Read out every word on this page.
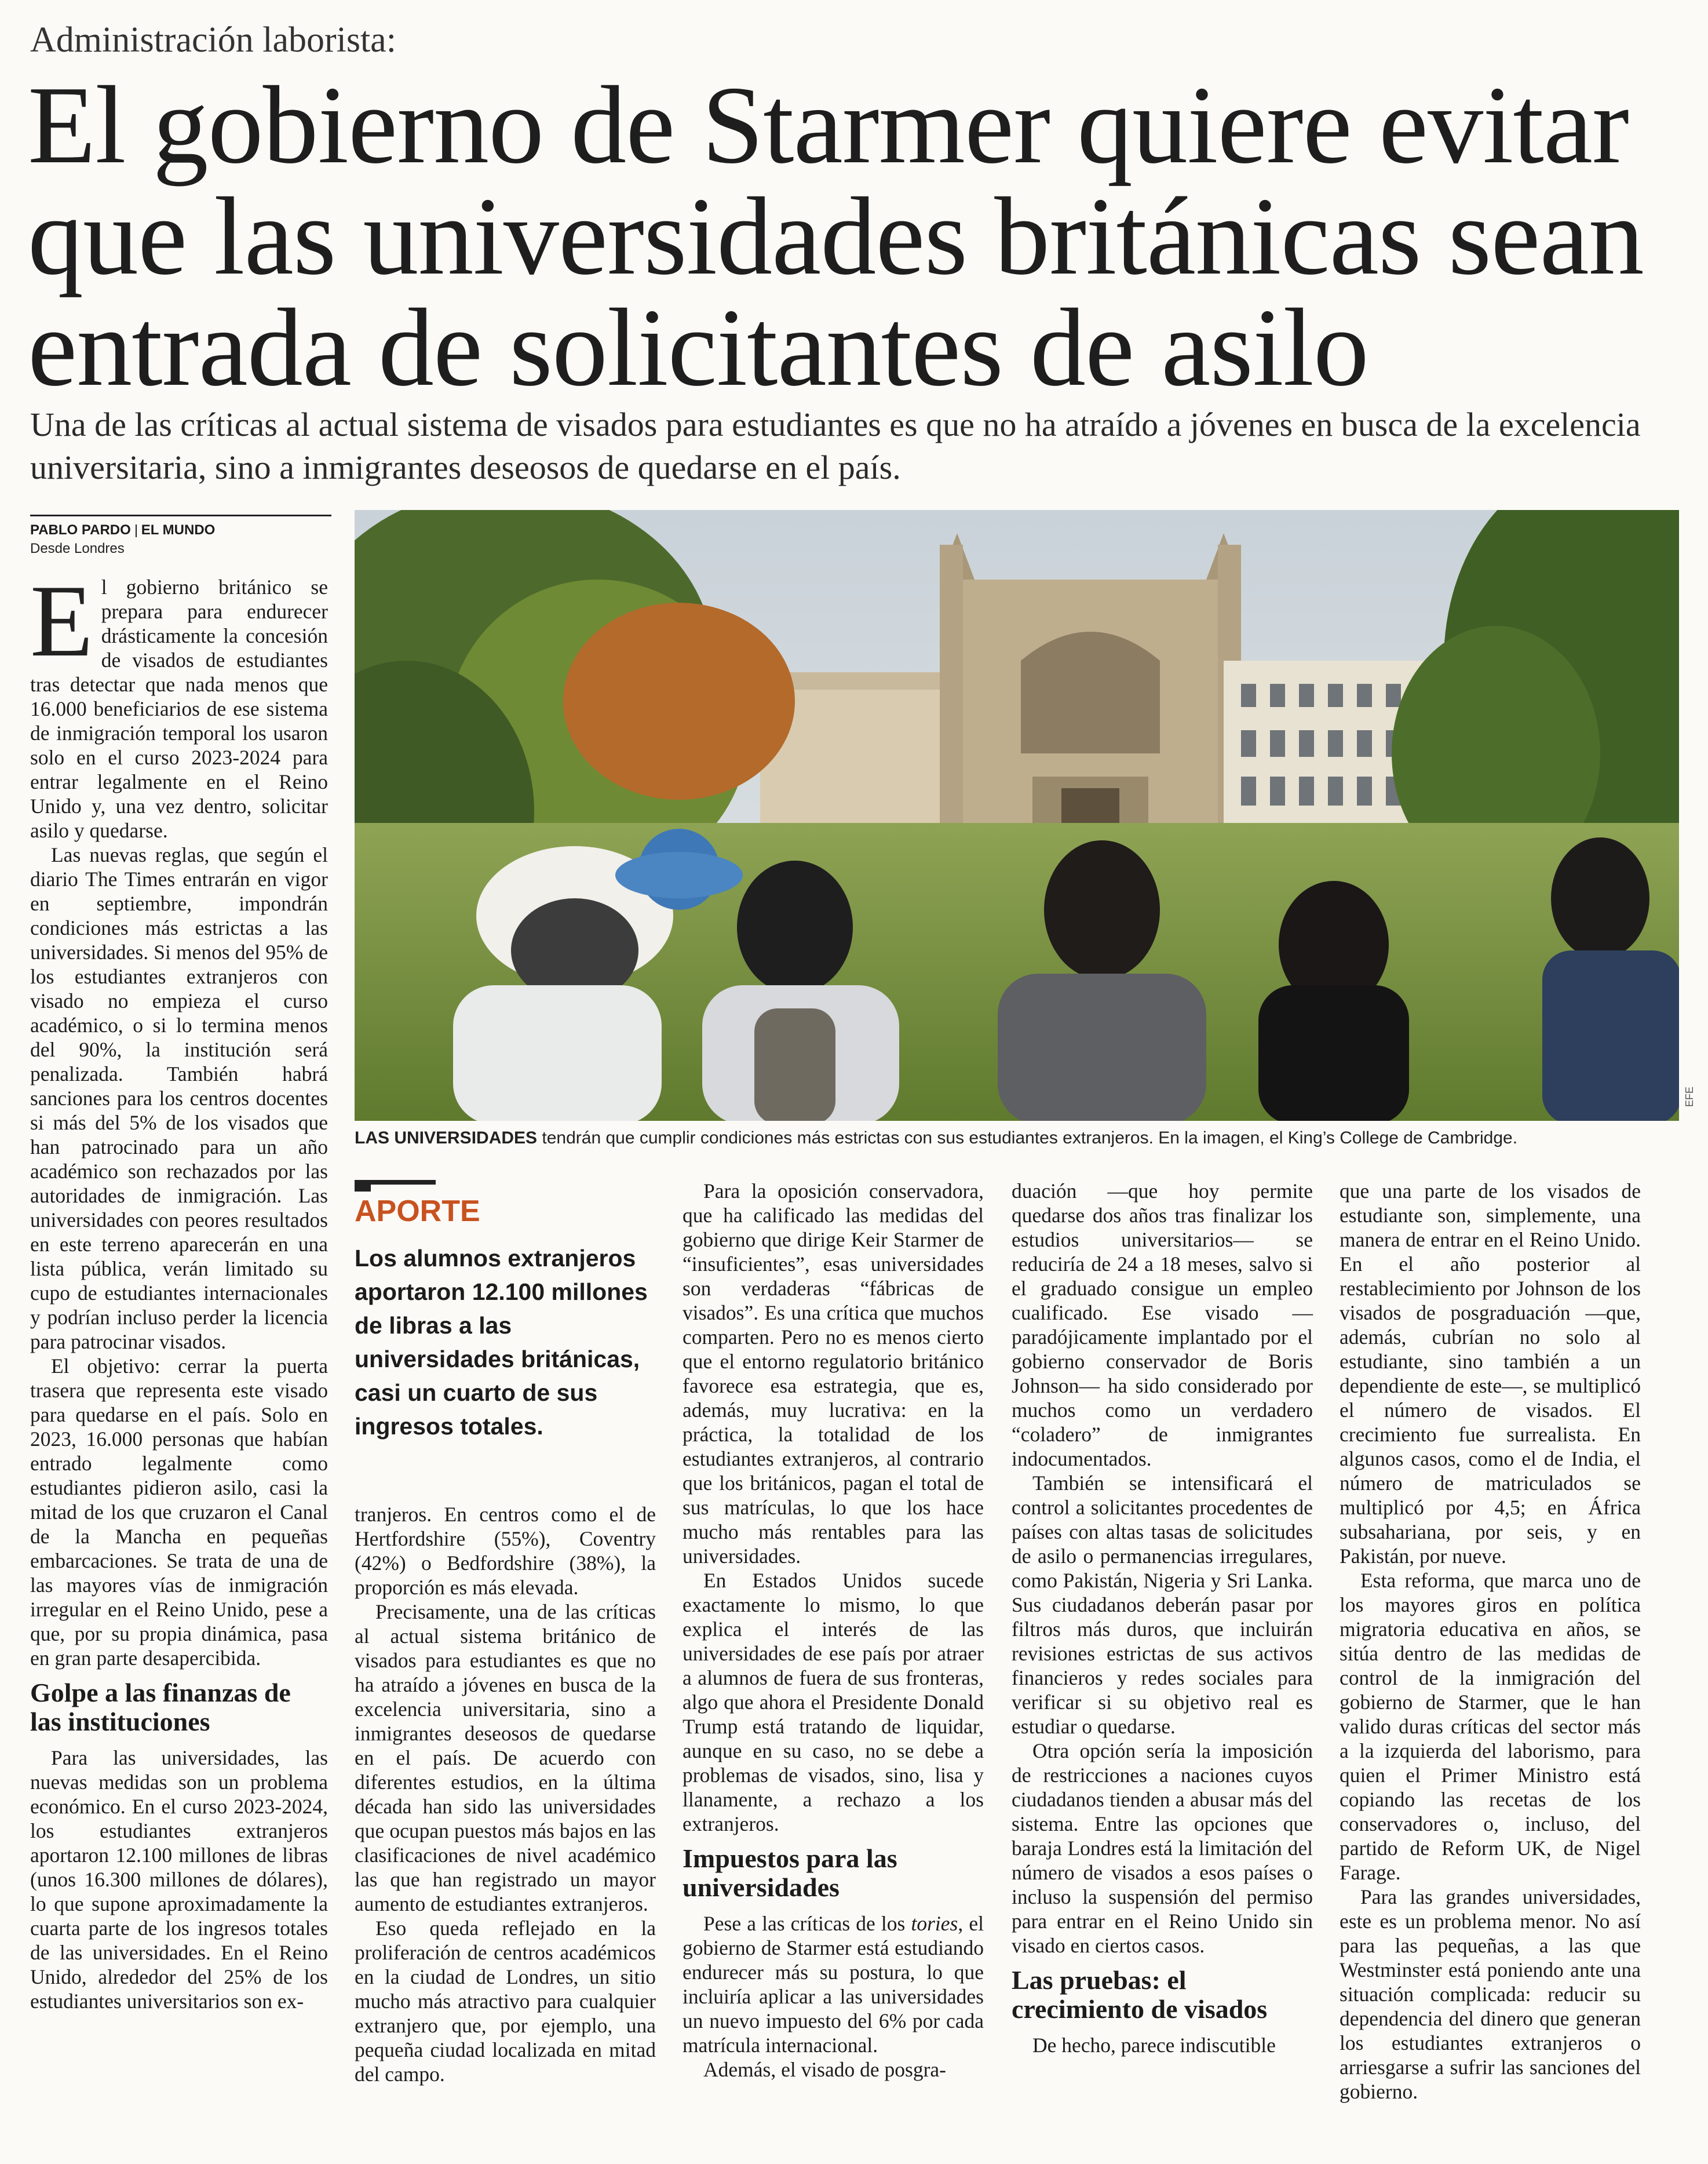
Administración laborista:
El gobierno de Starmer quiere evitar
que las universidades británicas sean
entrada de solicitantes de asilo
Una de las críticas al actual sistema de visados para estudiantes es que no ha atraído a jóvenes en busca de la excelencia universitaria, sino a inmigrantes deseosos de quedarse en el país.
PABLO PARDO EL MUNDO
Desde Londres
EFE
LAS UNIVERSIDADES tendrán que cumplir condiciones más estrictas con sus estudiantes extranjeros. En la imagen, el King’s College de Cambridge.

El gobierno británico se prepara para endurecer drásticamente la concesión de visados de estudiantes tras detectar que nada menos que 16.000 beneficiarios de ese sistema de inmigración temporal los usaron solo en el curso 2023-2024 para entrar legalmente en el Reino Unido y, una vez dentro, solicitar asilo y quedarse.

Las nuevas reglas, que según el diario The Times entrarán en vigor en septiembre, impondrán condiciones más estrictas a las universidades. Si menos del 95% de los estudiantes extranjeros con visado no empieza el curso académico, o si lo termina menos del 90%, la institución será penalizada. También habrá sanciones para los centros docentes si más del 5% de los visados que han patrocinado para un año académico son rechazados por las autoridades de inmigración. Las universidades con peores resultados en este terreno aparecerán en una lista pública, verán limitado su cupo de estudiantes internacionales y podrían incluso perder la licencia para patrocinar visados.

El objetivo: cerrar la puerta trasera que representa este visado para quedarse en el país. Solo en 2023, 16.000 personas que habían entrado legalmente como estudiantes pidieron asilo, casi la mitad de los que cruzaron el Canal de la Mancha en pequeñas embarcaciones. Se trata de una de las mayores vías de inmigración irregular en el Reino Unido, pese a que, por su propia dinámica, pasa en gran parte desapercibida.

Golpe a las finanzas de las instituciones

Para las universidades, las nuevas medidas son un problema económico. En el curso 2023-2024, los estudiantes extranjeros aportaron 12.100 millones de libras (unos 16.300 millones de dólares), lo que supone aproximadamente la cuarta parte de los ingresos totales de las universidades. En el Reino Unido, alrededor del 25% de los estudiantes universitarios son ex-

APORTE
Los alumnos extranjeros aportaron 12.100 millones de libras a las universidades británicas, casi un cuarto de sus ingresos totales.

tranjeros. En centros como el de Hertfordshire (55%), Coventry (42%) o Bedfordshire (38%), la proporción es más elevada.

Precisamente, una de las críticas al actual sistema británico de visados para estudiantes es que no ha atraído a jóvenes en busca de la excelencia universitaria, sino a inmigrantes deseosos de quedarse en el país. De acuerdo con diferentes estudios, en la última década han sido las universidades que ocupan puestos más bajos en las clasificaciones de nivel académico las que han registrado un mayor aumento de estudiantes extranjeros.

Eso queda reflejado en la proliferación de centros académicos en la ciudad de Londres, un sitio mucho más atractivo para cualquier extranjero que, por ejemplo, una pequeña ciudad localizada en mitad del campo.

Para la oposición conservadora, que ha calificado las medidas del gobierno que dirige Keir Starmer de “insuficientes”, esas universidades son verdaderas “fábricas de visados”. Es una crítica que muchos comparten. Pero no es menos cierto que el entorno regulatorio británico favorece esa estrategia, que es, además, muy lucrativa: en la práctica, la totalidad de los estudiantes extranjeros, al contrario que los británicos, pagan el total de sus matrículas, lo que los hace mucho más rentables para las universidades.

En Estados Unidos sucede exactamente lo mismo, lo que explica el interés de las universidades de ese país por atraer a alumnos de fuera de sus fronteras, algo que ahora el Presidente Donald Trump está tratando de liquidar, aunque en su caso, no se debe a problemas de visados, sino, lisa y llanamente, a rechazo a los extranjeros.

Impuestos para las universidades

Pese a las críticas de los tories, el gobierno de Starmer está estudiando endurecer más su postura, lo que incluiría aplicar a las universidades un nuevo impuesto del 6% por cada matrícula internacional.

Además, el visado de posgra-

duación —que hoy permite quedarse dos años tras finalizar los estudios universitarios— se reduciría de 24 a 18 meses, salvo si el graduado consigue un empleo cualificado. Ese visado —paradójicamente implantado por el gobierno conservador de Boris Johnson— ha sido considerado por muchos como un verdadero “coladero” de inmigrantes indocumentados.

También se intensificará el control a solicitantes procedentes de países con altas tasas de solicitudes de asilo o permanencias irregulares, como Pakistán, Nigeria y Sri Lanka. Sus ciudadanos deberán pasar por filtros más duros, que incluirán revisiones estrictas de sus activos financieros y redes sociales para verificar si su objetivo real es estudiar o quedarse.

Otra opción sería la imposición de restricciones a naciones cuyos ciudadanos tienden a abusar más del sistema. Entre las opciones que baraja Londres está la limitación del número de visados a esos países o incluso la suspensión del permiso para entrar en el Reino Unido sin visado en ciertos casos.

Las pruebas: el crecimiento de visados

De hecho, parece indiscutible

que una parte de los visados de estudiante son, simplemente, una manera de entrar en el Reino Unido. En el año posterior al restablecimiento por Johnson de los visados de posgraduación —que, además, cubrían no solo al estudiante, sino también a un dependiente de este—, se multiplicó el número de visados. El crecimiento fue surrealista. En algunos casos, como el de India, el número de matriculados se multiplicó por 4,5; en África subsahariana, por seis, y en Pakistán, por nueve.

Esta reforma, que marca uno de los mayores giros en política migratoria educativa en años, se sitúa dentro de las medidas de control de la inmigración del gobierno de Starmer, que le han valido duras críticas del sector más a la izquierda del laborismo, para quien el Primer Ministro está copiando las recetas de los conservadores o, incluso, del partido de Reform UK, de Nigel Farage.

Para las grandes universidades, este es un problema menor. No así para las pequeñas, a las que Westminster está poniendo ante una situación complicada: reducir su dependencia del dinero que generan los estudiantes extranjeros o arriesgarse a sufrir las sanciones del gobierno.
